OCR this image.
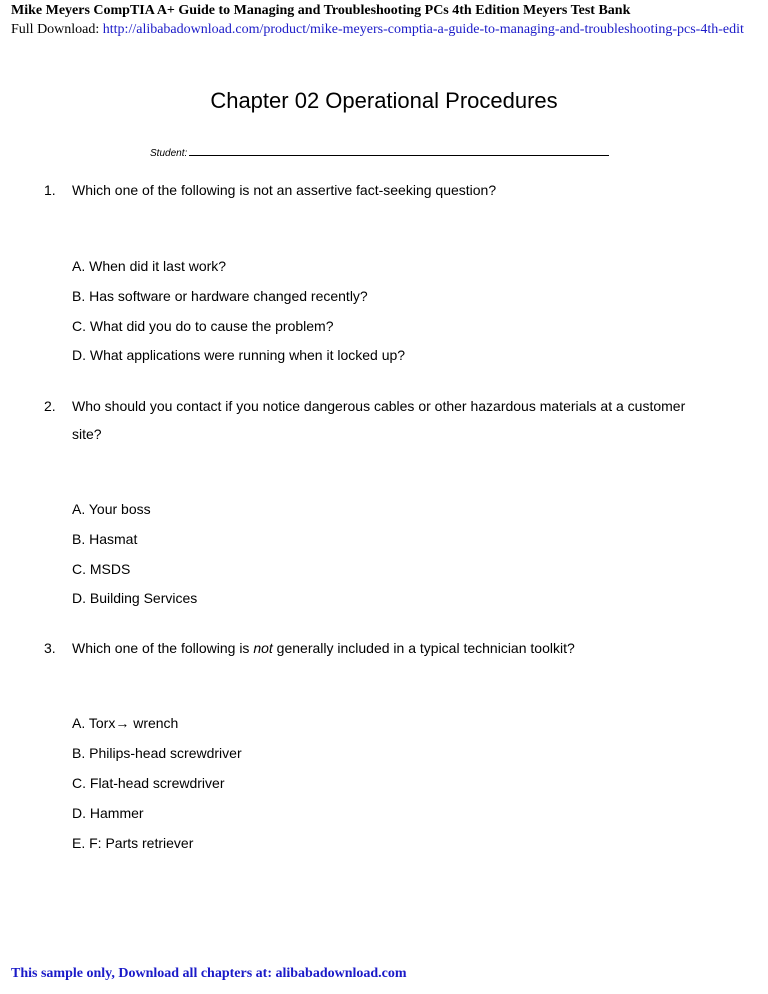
Mike Meyers CompTIA A+ Guide to Managing and Troubleshooting PCs 4th Edition Meyers Test Bank
Full Download: http://alibabadownload.com/product/mike-meyers-comptia-a-guide-to-managing-and-troubleshooting-pcs-4th-edit
Chapter 02 Operational Procedures
Student:
1. Which one of the following is not an assertive fact-seeking question?
A. When did it last work?
B. Has software or hardware changed recently?
C. What did you do to cause the problem?
D. What applications were running when it locked up?
2. Who should you contact if you notice dangerous cables or other hazardous materials at a customer site?
A. Your boss
B. Hasmat
C. MSDS
D. Building Services
3. Which one of the following is not generally included in a typical technician toolkit?
A. Torx→ wrench
B. Philips-head screwdriver
C. Flat-head screwdriver
D. Hammer
E. F: Parts retriever
This sample only, Download all chapters at: alibabadownload.com
